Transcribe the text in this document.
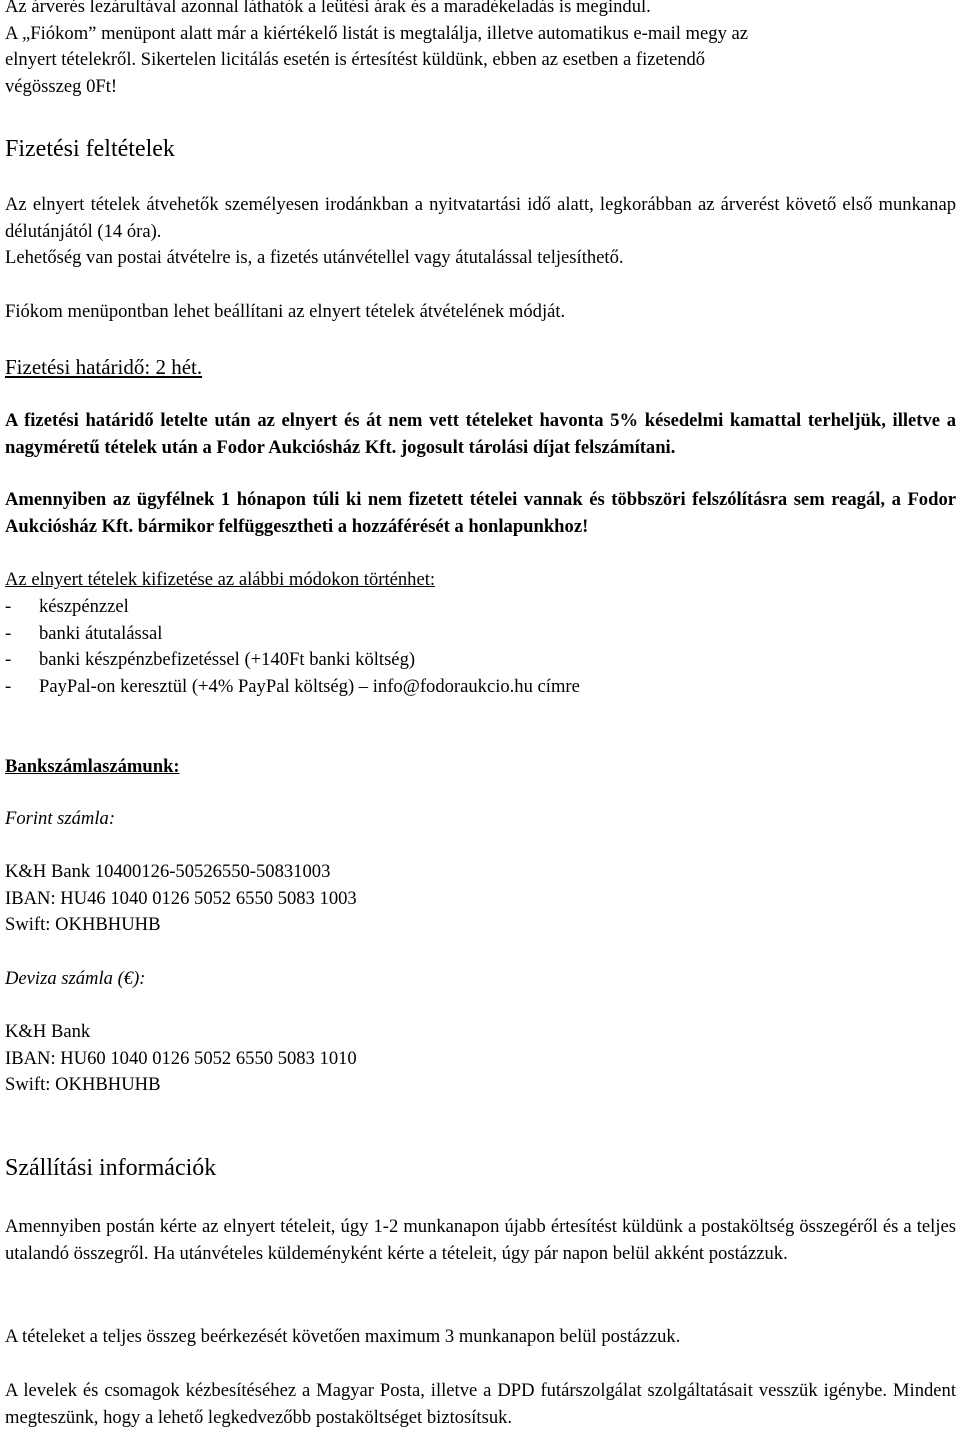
Az árverés lezárultával azonnal láthatók a leütési árak és a maradékeladás is megindul.
A „Fiókom” menüpont alatt már a kiértékelő listát is megtalálja, illetve automatikus e-mail megy az
elnyert tételekről. Sikertelen licitálás esetén is értesítést küldünk, ebben az esetben a fizetendő
végösszeg 0Ft!
Fizetési feltételek
Az elnyert tételek átvehetők személyesen irodánkban a nyitvatartási idő alatt, legkorábban az árverést követő első munkanap délutánjától (14 óra).
Lehetőség van postai átvételre is, a fizetés utánvétellel vagy átutalással teljesíthető.
Fiókom menüpontban lehet beállítani az elnyert tételek átvételének módját.
Fizetési határidő: 2 hét.
A fizetési határidő letelte után az elnyert és át nem vett tételeket havonta 5% késedelmi kamattal terheljük, illetve a nagyméretű tételek után a Fodor Aukciósház Kft. jogosult tárolási díjat felszámítani.
Amennyiben az ügyfélnek 1 hónapon túli ki nem fizetett tételei vannak és többszöri felszólításra sem reagál, a Fodor Aukciósház Kft. bármikor felfüggesztheti a hozzáférését a honlapunkhoz!
Az elnyert tételek kifizetése az alábbi módokon történhet:
-	készpénzzel
-	banki átutalással
-	banki készpénzbefizetéssel (+140Ft banki költség)
-	PayPal-on keresztül (+4% PayPal költség) – info@fodoraukcio.hu címre
Bankszámlaszámunk:
Forint számla:
K&H Bank 10400126-50526550-50831003
IBAN: HU46 1040 0126 5052 6550 5083 1003
Swift: OKHBHUHB
Deviza számla (€):
K&H Bank
IBAN: HU60 1040 0126 5052 6550 5083 1010
Swift: OKHBHUHB
Szállítási információk
Amennyiben postán kérte az elnyert tételeit, úgy 1-2 munkanapon újabb értesítést küldünk a postaköltség összegéről és a teljes utalandó összegről. Ha utánvételes küldeményként kérte a tételeit, úgy pár napon belül akként postázzuk.
A tételeket a teljes összeg beérkezését követően maximum 3 munkanapon belül postázzuk.
A levelek és csomagok kézbesítéséhez a Magyar Posta, illetve a DPD futárszolgálat szolgáltatásait vesszük igénybe. Mindent megteszünk, hogy a lehető legkedvezőbb postaköltséget biztosítsuk.
